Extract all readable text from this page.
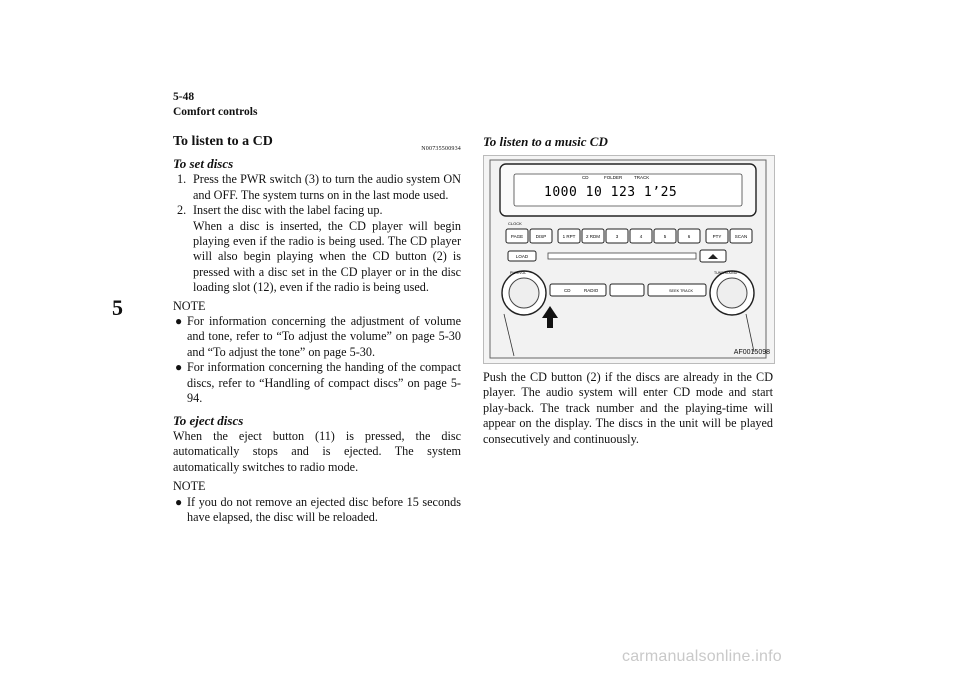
5-48
Comfort controls
5
To listen to a CD	N00735500934
To set discs
1. Press the PWR switch (3) to turn the audio system ON and OFF. The system turns on in the last mode used.
2. Insert the disc with the label facing up.
When a disc is inserted, the CD player will begin playing even if the radio is being used. The CD player will also begin playing when the CD button (2) is pressed with a disc set in the CD player or in the disc loading slot (12), even if the radio is being used.
NOTE
● For information concerning the adjustment of volume and tone, refer to “To adjust the volume” on page 5-30 and “To adjust the tone” on page 5-30.
● For information concerning the handing of the compact discs, refer to “Handling of compact discs” on page 5-94.
To eject discs

When the eject button (11) is pressed, the disc automatically stops and is ejected. The system automatically switches to radio mode.

NOTE
● If you do not remove an ejected disc before 15 seconds have elapsed, the disc will be reloaded.
To listen to a music CD
CD	FOLDER	TRACK
1000 10 123 1’25
PAGE	DISP	1 RPT 2 RDM	3	4	5	6	PTY	SCAN
CLOCK
LOAD
PWR/VOL	TUNE/SOUND
CD	RADIO	SEEK TRACK
AF0015098

Push the CD button (2) if the discs are already in the CD player. The audio system will enter CD mode and start play-back. The track number and the playing-time will appear on the display. The discs in the unit will be played consecutively and continuously.

carmanualsonline.info
